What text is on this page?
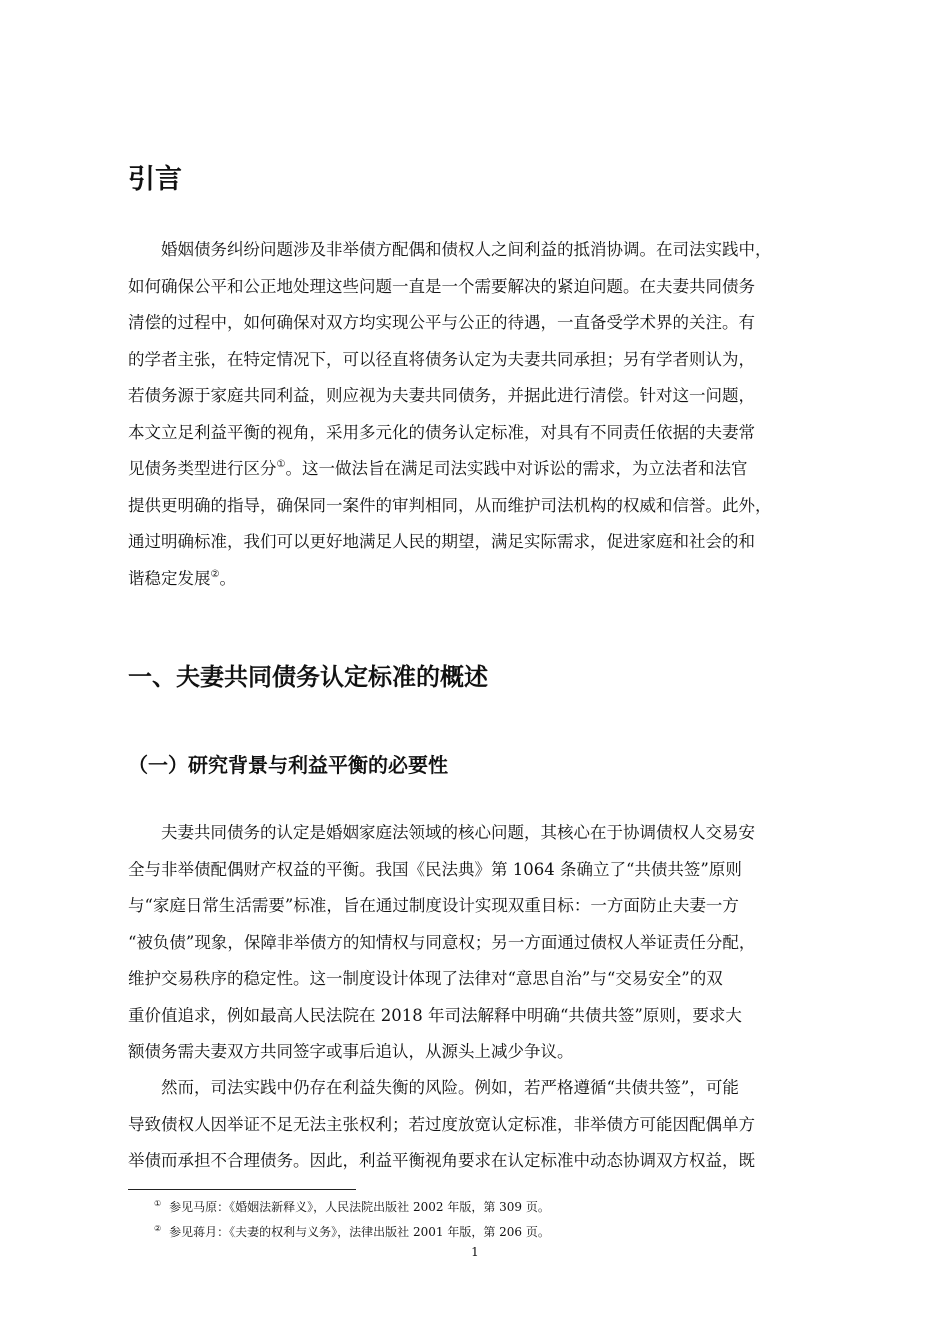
引言

婚姻债务纠纷问题涉及非举债方配偶和债权人之间利益的抵消协调。在司法实践中，
如何确保公平和公正地处理这些问题一直是一个需要解决的紧迫问题。在夫妻共同债务
清偿的过程中，如何确保对双方均实现公平与公正的待遇，一直备受学术界的关注。有
的学者主张，在特定情况下，可以径直将债务认定为夫妻共同承担；另有学者则认为，
若债务源于家庭共同利益，则应视为夫妻共同债务，并据此进行清偿。针对这一问题，
本文立足利益平衡的视角，采用多元化的债务认定标准，对具有不同责任依据的夫妻常
见债务类型进行区分①。这一做法旨在满足司法实践中对诉讼的需求，为立法者和法官
提供更明确的指导，确保同一案件的审判相同，从而维护司法机构的权威和信誉。此外，
通过明确标准，我们可以更好地满足人民的期望，满足实际需求，促进家庭和社会的和
谐稳定发展②。

一、夫妻共同债务认定标准的概述
（一）研究背景与利益平衡的必要性

夫妻共同债务的认定是婚姻家庭法领域的核心问题，其核心在于协调债权人交易安
全与非举债配偶财产权益的平衡。我国《民法典》第 1064 条确立了“共债共签”原则
与“家庭日常生活需要”标准，旨在通过制度设计实现双重目标：一方面防止夫妻一方
“被负债”现象，保障非举债方的知情权与同意权；另一方面通过债权人举证责任分配，
维护交易秩序的稳定性。这一制度设计体现了法律对“意思自治”与“交易安全”的双
重价值追求，例如最高人民法院在 2018 年司法解释中明确“共债共签”原则，要求大
额债务需夫妻双方共同签字或事后追认，从源头上减少争议。

然而，司法实践中仍存在利益失衡的风险。例如，若严格遵循“共债共签”，可能
导致债权人因举证不足无法主张权利；若过度放宽认定标准，非举债方可能因配偶单方
举债而承担不合理债务。因此，利益平衡视角要求在认定标准中动态协调双方权益，既

① 参见马原：《婚姻法新释义》，人民法院出版社 2002 年版，第 309 页。
② 参见蒋月：《夫妻的权利与义务》，法律出版社 2001 年版，第 206 页。

1
